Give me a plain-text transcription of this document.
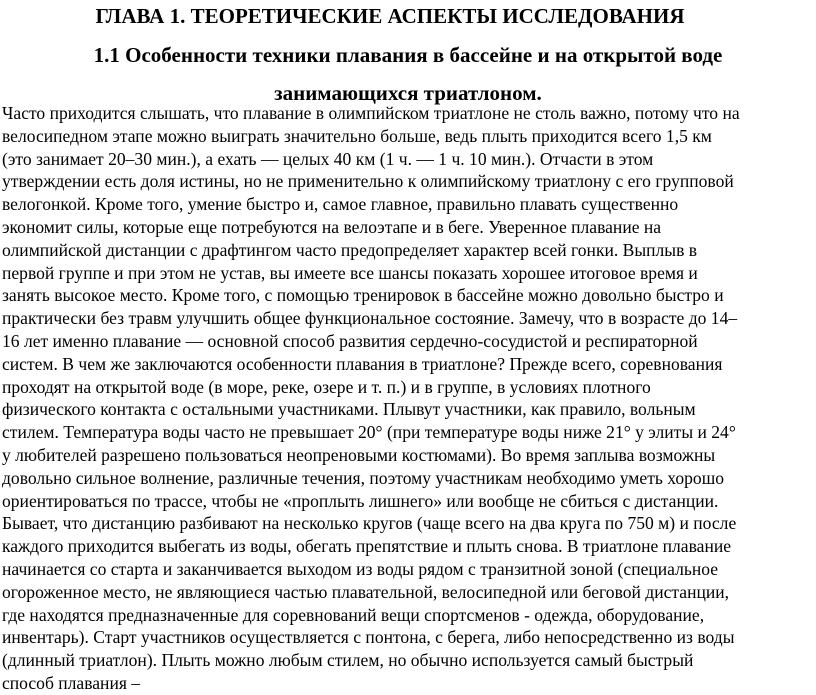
ГЛАВА 1. ТЕОРЕТИЧЕСКИЕ АСПЕКТЫ ИССЛЕДОВАНИЯ
1.1 Особенности техники плавания в бассейне и на открытой воде
занимающихся триатлоном.

Часто приходится слышать, что плавание в олимпийском триатлоне не столь важно, потому что на
велосипедном этапе можно выиграть значительно больше, ведь плыть приходится всего 1,5 км
(это занимает 20–30 мин.), а ехать — целых 40 км (1 ч. — 1 ч. 10 мин.). Отчасти в этом
утверждении есть доля истины, но не применительно к олимпийскому триатлону с его групповой
велогонкой. Кроме того, умение быстро и, самое главное, правильно плавать существенно
экономит силы, которые еще потребуются на велоэтапе и в беге. Уверенное плавание на
олимпийской дистанции с драфтингом часто предопределяет характер всей гонки. Выплыв в
первой группе и при этом не устав, вы имеете все шансы показать хорошее итоговое время и
занять высокое место. Кроме того, с помощью тренировок в бассейне можно довольно быстро и
практически без травм улучшить общее функциональное состояние. Замечу, что в возрасте до 14–
16 лет именно плавание — основной способ развития сердечно-сосудистой и респираторной
систем. В чем же заключаются особенности плавания в триатлоне? Прежде всего, соревнования
проходят на открытой воде (в море, реке, озере и т. п.) и в группе, в условиях плотного
физического контакта с остальными участниками. Плывут участники, как правило, вольным
стилем. Температура воды часто не превышает 20° (при температуре воды ниже 21° у элиты и 24°
у любителей разрешено пользоваться неопреновыми костюмами). Во время заплыва возможны
довольно сильное волнение, различные течения, поэтому участникам необходимо уметь хорошо
ориентироваться по трассе, чтобы не «проплыть лишнего» или вообще не сбиться с дистанции.
Бывает, что дистанцию разбивают на несколько кругов (чаще всего на два круга по 750 м) и после
каждого приходится выбегать из воды, обегать препятствие и плыть снова. В триатлоне плавание
начинается со старта и заканчивается выходом из воды рядом с транзитной зоной (специальное
огороженное место, не являющиеся частью плавательной, велосипедной или беговой дистанции,
где находятся предназначенные для соревнований вещи спортсменов - одежда, оборудование,
инвентарь). Старт участников осуществляется с понтона, с берега, либо непосредственно из воды
(длинный триатлон). Плыть можно любым стилем, но обычно используется самый быстрый
способ плавания –
